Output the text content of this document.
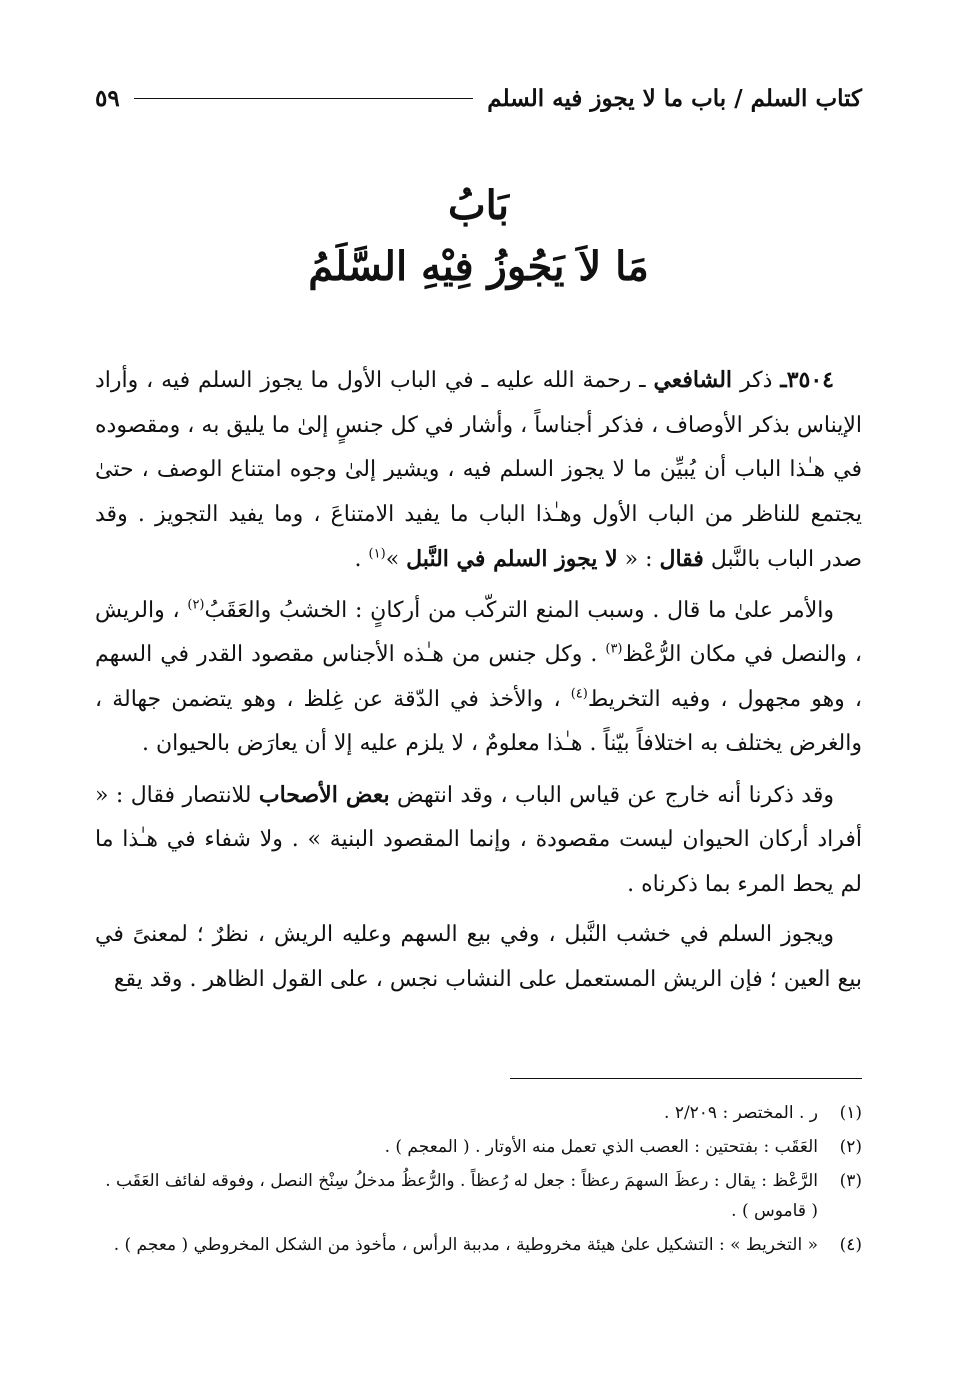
كتاب السلم / باب ما لا يجوز فيه السلم
٥٩
بَابُ
مَا لاَ يَجُوزُ فِيْهِ السَّلَمُ

٣٥٠٤ـ ذكر الشافعي ـ رحمة الله عليه ـ في الباب الأول ما يجوز السلم فيه ، وأراد الإيناس بذكر الأوصاف ، فذكر أجناساً ، وأشار في كل جنسٍ إلىٰ ما يليق به ، ومقصوده في هـٰذا الباب أن يُبيِّن ما لا يجوز السلم فيه ، ويشير إلىٰ وجوه امتناع الوصف ، حتىٰ يجتمع للناظر من الباب الأول وهـٰذا الباب ما يفيد الامتناعَ ، وما يفيد التجويز . وقد صدر الباب بالنَّبل فقال : « لا يجوز السلم في النَّبل »$^{(١)}$ .

والأمر علىٰ ما قال . وسبب المنع التركّب من أركانٍ : الخشبُ والعَقَبُ$^{(٢)}$ ، والريش ، والنصل في مكان الرُّعْظ$^{(٣)}$ . وكل جنس من هـٰذه الأجناس مقصود القدر في السهم ، وهو مجهول ، وفيه التخريط$^{(٤)}$ ، والأخذ في الدّقة عن غِلظ ، وهو يتضمن جهالة ، والغرض يختلف به اختلافاً بيّناً . هـٰذا معلومٌ ، لا يلزم عليه إلا أن يعارَض بالحيوان .

وقد ذكرنا أنه خارج عن قياس الباب ، وقد انتهض بعض الأصحاب للانتصار فقال : « أفراد أركان الحيوان ليست مقصودة ، وإنما المقصود البنية » . ولا شفاء في هـٰذا ما لم يحط المرء بما ذكرناه .

ويجوز السلم في خشب النَّبل ، وفي بيع السهم وعليه الريش ، نظرٌ ؛ لمعنىً في بيع العين ؛ فإن الريش المستعمل على النشاب نجس ، على القول الظاهر . وقد يقع

(١)
ر . المختصر : ٢/٢٠٩ .
(٢)
العَقَب : بفتحتين : العصب الذي تعمل منه الأوتار . ( المعجم ) .
(٣)
الرَّعْظ : يقال : رعظَ السهمَ رعظاً : جعل له رُعظاً . والرُّعظُ مدخلُ سِنْخ النصل ، وفوقه لفائف العَقَب . ( قاموس ) .
(٤)
« التخريط » : التشكيل علىٰ هيئة مخروطية ، مدببة الرأس ، مأخوذ من الشكل المخروطي ( معجم ) .
